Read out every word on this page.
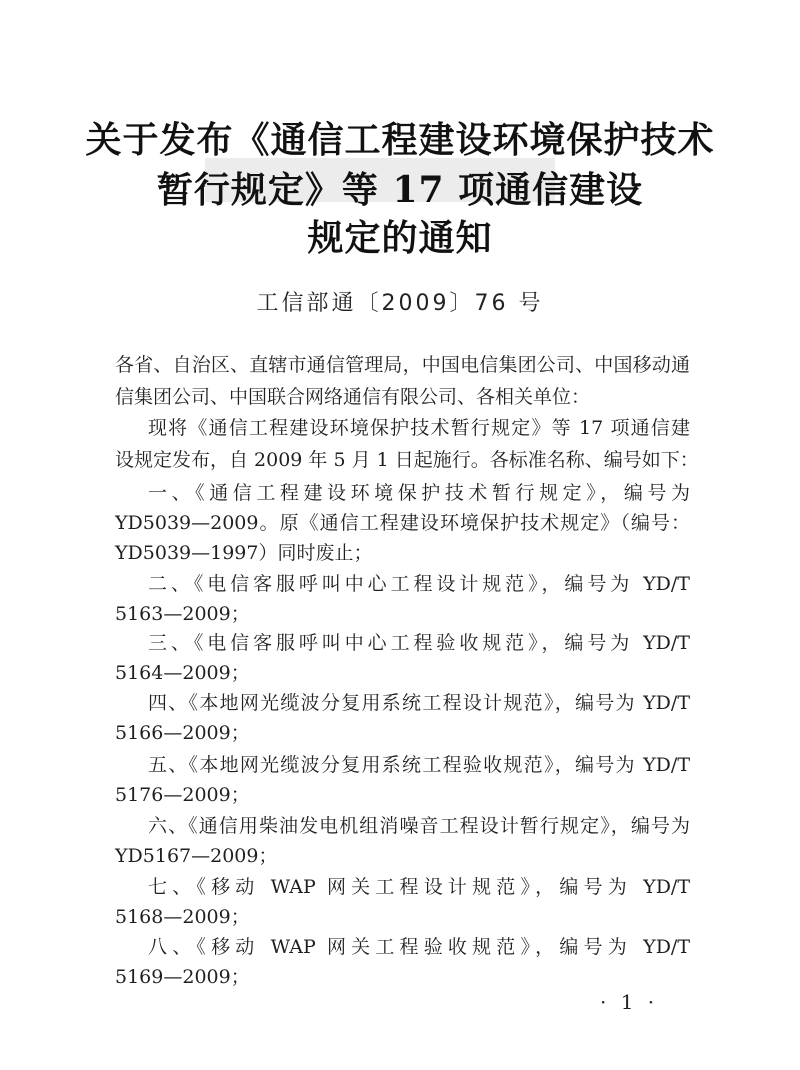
关于发布《通信工程建设环境保护技术
暂行规定》等 17 项通信建设
规定的通知
工信部通〔2009〕76 号
各省、自治区、直辖市通信管理局，中国电信集团公司、中国移动通
信集团公司、中国联合网络通信有限公司、各相关单位：
现将《通信工程建设环境保护技术暂行规定》等 17 项通信建
设规定发布，自 2009 年 5 月 1 日起施行。各标准名称、编号如下：
一、《通信工程建设环境保护技术暂行规定》，编号为
YD5039—2009。原《通信工程建设环境保护技术规定》（编号：
YD5039—1997）同时废止；
二、《电信客服呼叫中心工程设计规范》，编号为 YD/T
5163—2009；
三、《电信客服呼叫中心工程验收规范》，编号为 YD/T
5164—2009；
四、《本地网光缆波分复用系统工程设计规范》，编号为 YD/T
5166—2009；
五、《本地网光缆波分复用系统工程验收规范》，编号为 YD/T
5176—2009；
六、《通信用柴油发电机组消噪音工程设计暂行规定》，编号为
YD5167—2009；
七、《移动 WAP 网关工程设计规范》，编号为 YD/T
5168—2009；
八、《移动 WAP 网关工程验收规范》，编号为 YD/T
5169—2009；
· 1 ·
